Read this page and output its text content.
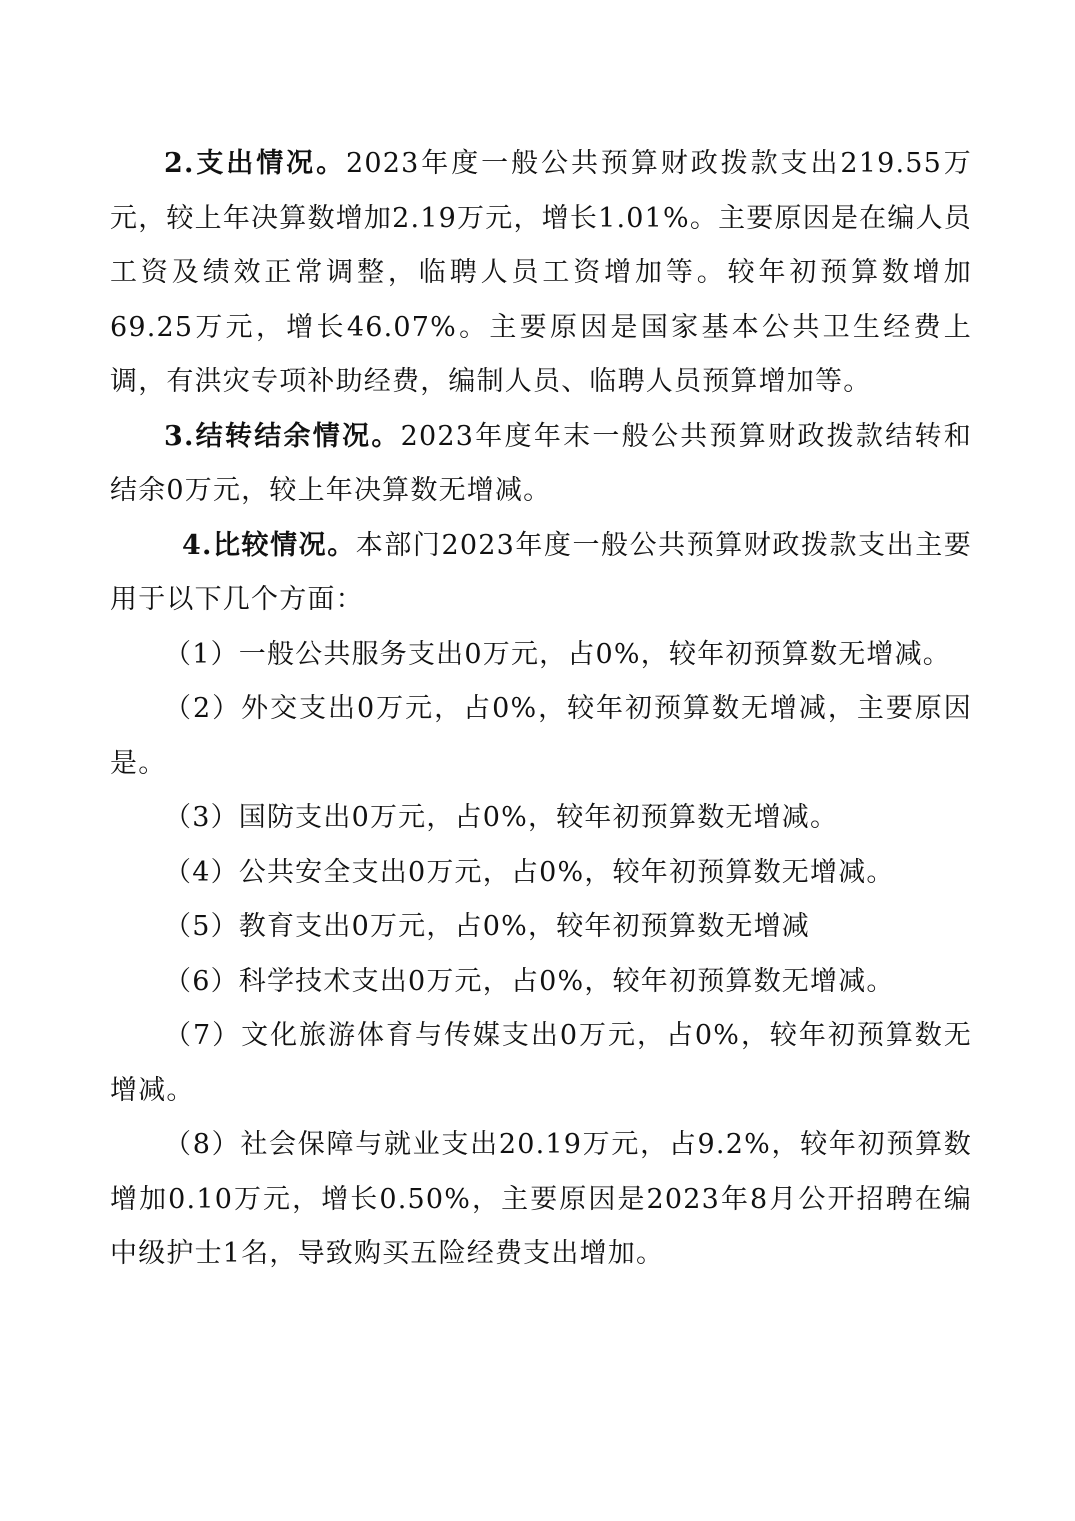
2.支出情况。2023年度一般公共预算财政拨款支出219.55万元，较上年决算数增加2.19万元，增长1.01%。主要原因是在编人员工资及绩效正常调整，临聘人员工资增加等。较年初预算数增加69.25万元，增长46.07%。主要原因是国家基本公共卫生经费上调，有洪灾专项补助经费，编制人员、临聘人员预算增加等。

3.结转结余情况。2023年度年末一般公共预算财政拨款结转和结余0万元，较上年决算数无增减。

4.比较情况。本部门2023年度一般公共预算财政拨款支出主要用于以下几个方面：

（1）一般公共服务支出0万元，占0%，较年初预算数无增减。

（2）外交支出0万元，占0%，较年初预算数无增减，主要原因是。

（3）国防支出0万元，占0%，较年初预算数无增减。

（4）公共安全支出0万元，占0%，较年初预算数无增减。

（5）教育支出0万元，占0%，较年初预算数无增减

（6）科学技术支出0万元，占0%，较年初预算数无增减。

（7）文化旅游体育与传媒支出0万元，占0%，较年初预算数无增减。

（8）社会保障与就业支出20.19万元，占9.2%，较年初预算数增加0.10万元，增长0.50%，主要原因是2023年8月公开招聘在编中级护士1名，导致购买五险经费支出增加。
